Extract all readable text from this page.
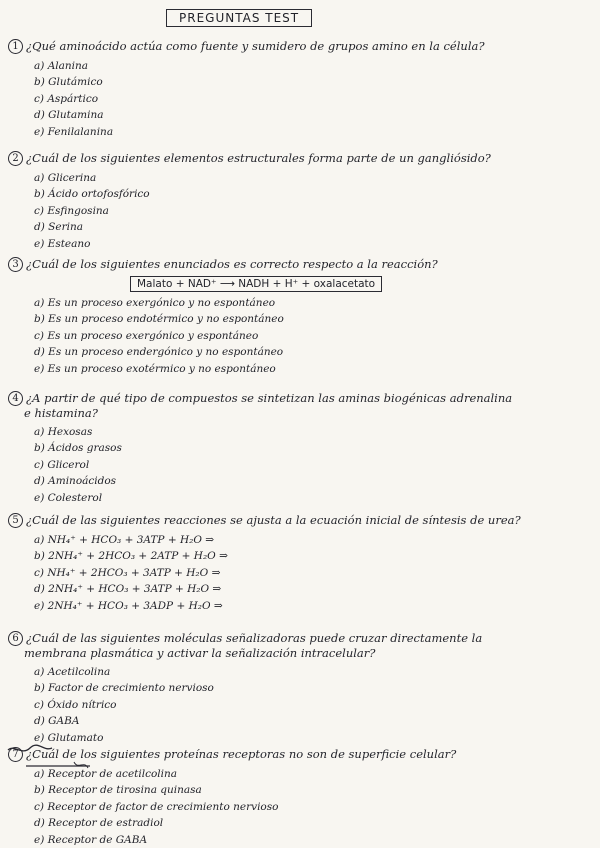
PREGUNTAS TEST
1 ¿Qué aminoácido actúa como fuente y sumidero de grupos amino en la célula?
a) Alanina
b) Glutámico
c) Aspártico
d) Glutamina
e) Fenilalanina
2 ¿Cuál de los siguientes elementos estructurales forma parte de un gangliósido?
a) Glicerina
b) Ácido ortofosfórico
c) Esfingosina
d) Serina
e) Esteano
3 ¿Cuál de los siguientes enunciados es correcto respecto a la reacción?
Malato + NAD⁺ ⟶ NADH + H⁺ + oxalacetato
a) Es un proceso exergónico y no espontáneo
b) Es un proceso endotérmico y no espontáneo
c) Es un proceso exergónico y espontáneo
d) Es un proceso endergónico y no espontáneo
e) Es un proceso exotérmico y no espontáneo
4 ¿A partir de qué tipo de compuestos se sintetizan las aminas biogénicas adrenalina
e histamina?
a) Hexosas
b) Ácidos grasos
c) Glicerol
d) Aminoácidos
e) Colesterol
5 ¿Cuál de las siguientes reacciones se ajusta a la ecuación inicial de síntesis de urea?
a) NH₄⁺ + HCO₃ + 3ATP + H₂O ⇒
b) 2NH₄⁺ + 2HCO₃ + 2ATP + H₂O ⇒
c) NH₄⁺ + 2HCO₃ + 3ATP + H₂O ⇒
d) 2NH₄⁺ + HCO₃ + 3ATP + H₂O ⇒
e) 2NH₄⁺ + HCO₃ + 3ADP + H₂O ⇒
6 ¿Cuál de las siguientes moléculas señalizadoras puede cruzar directamente la
membrana plasmática y activar la señalización intracelular?
a) Acetilcolina
b) Factor de crecimiento nervioso
c) Óxido nítrico
d) GABA
e) Glutamato
7 ¿Cuál de los siguientes proteínas receptoras no son de superficie celular?
a) Receptor de acetilcolina
b) Receptor de tirosina quinasa
c) Receptor de factor de crecimiento nervioso
d) Receptor de estradiol
e) Receptor de GABA
